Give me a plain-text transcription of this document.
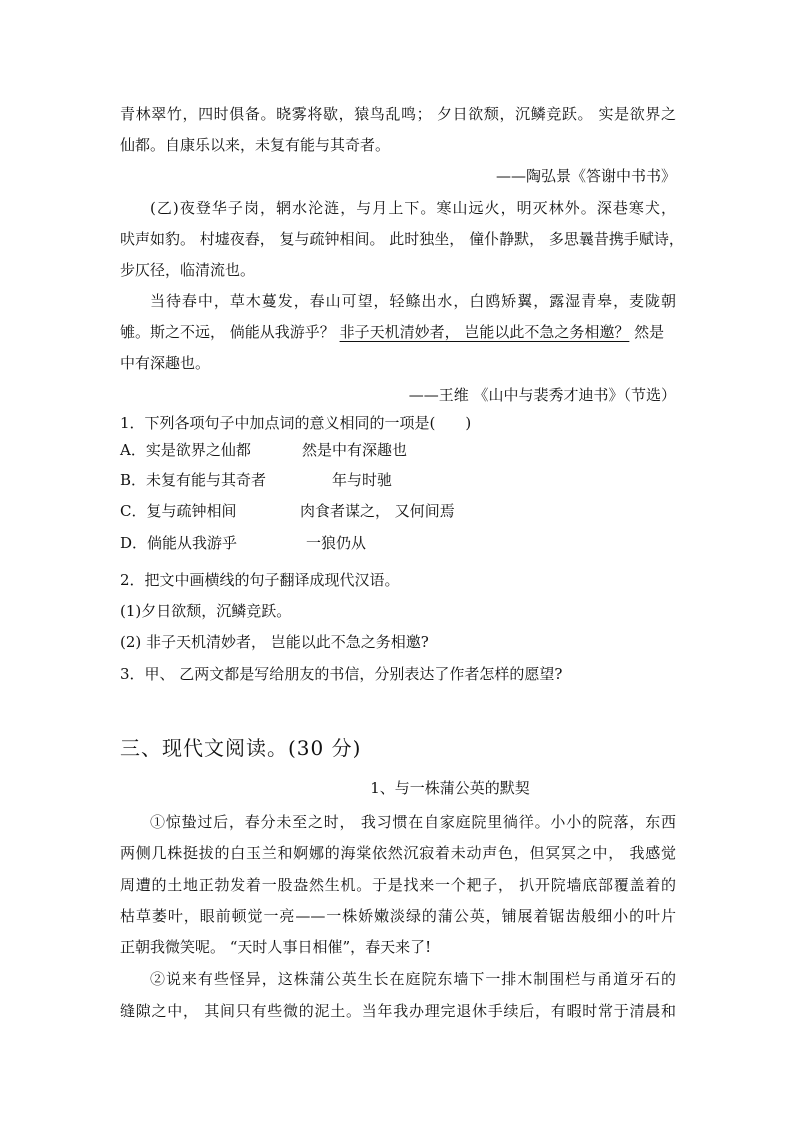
青林翠竹，四时俱备。晓雾将歇，猿鸟乱鸣； 夕日欲颓，沉鳞竞跃。 实是欲界之
仙都。自康乐以来，未复有能与其奇者。
——陶弘景《答谢中书书》
(乙)夜登华子岗，辋水沦涟，与月上下。寒山远火，明灭林外。深巷寒犬，
吠声如豹。 村墟夜舂， 复与疏钟相间。 此时独坐， 僮仆静默， 多思曩昔携手赋诗，
步仄径，临清流也。
当待春中，草木蔓发，春山可望，轻鲦出水，白鸥矫翼，露湿青皋，麦陇朝
雊。斯之不远， 倘能从我游乎？ 非子天机清妙者， 岂能以此不急之务相邀？ 然是
中有深趣也。
——王维 《山中与裴秀才迪书》（节选）
1．下列各项句子中加点词的意义相同的一项是(　　)
A．实是欲界之仙都	然是中有深趣也
B．未复有能与其奇者	年与时驰
C．复与疏钟相间	肉食者谋之， 又何间焉
D．倘能从我游乎	一狼仍从
2．把文中画横线的句子翻译成现代汉语。
(1)夕日欲颓，沉鳞竞跃。
(2) 非子天机清妙者， 岂能以此不急之务相邀?
3．甲、 乙两文都是写给朋友的书信，分别表达了作者怎样的愿望?
三、现代文阅读。(30 分)
1、与一株蒲公英的默契
①惊蛰过后，春分未至之时， 我习惯在自家庭院里徜徉。小小的院落，东西
两侧几株挺拔的白玉兰和婀娜的海棠依然沉寂着未动声色，但冥冥之中， 我感觉
周遭的土地正勃发着一股盎然生机。于是找来一个耙子， 扒开院墙底部覆盖着的
枯草萎叶，眼前顿觉一亮——一株娇嫩淡绿的蒲公英，铺展着锯齿般细小的叶片
正朝我微笑呢。 “天时人事日相催”，春天来了!
②说来有些怪异，这株蒲公英生长在庭院东墙下一排木制围栏与甬道牙石的
缝隙之中， 其间只有些微的泥土。当年我办理完退休手续后，有暇时常于清晨和
